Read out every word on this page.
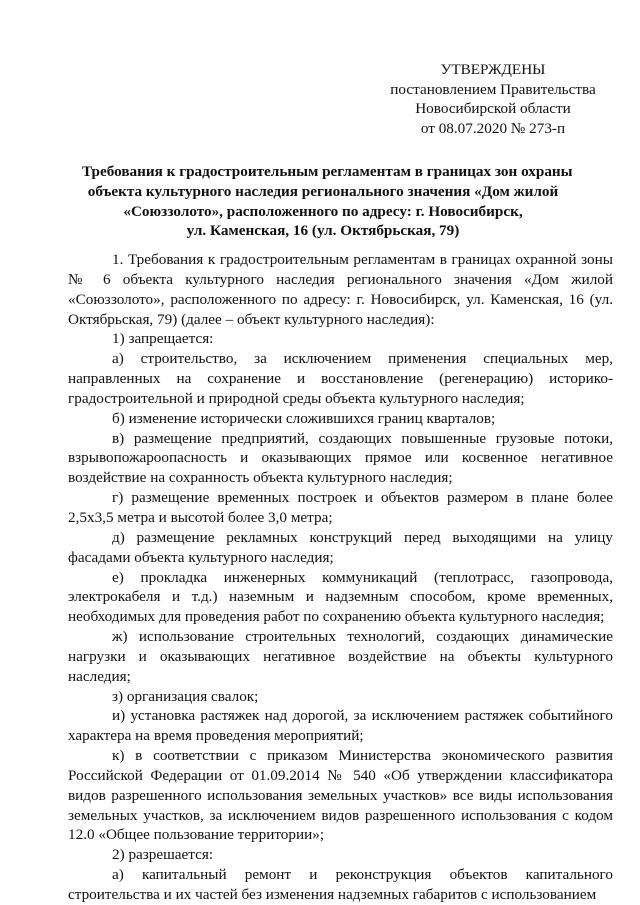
УТВЕРЖДЕНЫ
постановлением Правительства
Новосибирской области
от 08.07.2020 № 273-п
Требования к градостроительным регламентам в границах зон охраны
объекта культурного наследия регионального значения «Дом жилой
«Союззолото», расположенного по адресу: г. Новосибирск,
ул. Каменская, 16 (ул. Октябрьская, 79)

1. Требования к градостроительным регламентам в границах охранной зоны № 6 объекта культурного наследия регионального значения «Дом жилой «Союззолото», расположенного по адресу: г. Новосибирск, ул. Каменская, 16 (ул. Октябрьская, 79) (далее – объект культурного наследия):

1) запрещается:

а) строительство, за исключением применения специальных мер, направленных на сохранение и восстановление (регенерацию) историко-градостроительной и природной среды объекта культурного наследия;

б) изменение исторически сложившихся границ кварталов;

в) размещение предприятий, создающих повышенные грузовые потоки, взрывопожароопасность и оказывающих прямое или косвенное негативное воздействие на сохранность объекта культурного наследия;

г) размещение временных построек и объектов размером в плане более 2,5х3,5 метра и высотой более 3,0 метра;

д) размещение рекламных конструкций перед выходящими на улицу фасадами объекта культурного наследия;

е) прокладка инженерных коммуникаций (теплотрасс, газопровода, электрокабеля и т.д.) наземным и надземным способом, кроме временных, необходимых для проведения работ по сохранению объекта культурного наследия;

ж) использование строительных технологий, создающих динамические нагрузки и оказывающих негативное воздействие на объекты культурного наследия;

з) организация свалок;

и) установка растяжек над дорогой, за исключением растяжек событийного характера на время проведения мероприятий;

к) в соответствии с приказом Министерства экономического развития Российской Федерации от 01.09.2014 № 540 «Об утверждении классификатора видов разрешенного использования земельных участков» все виды использования земельных участков, за исключением видов разрешенного использования с кодом 12.0 «Общее пользование территории»;

2) разрешается:

а) капитальный ремонт и реконструкция объектов капитального строительства и их частей без изменения надземных габаритов с использованием
